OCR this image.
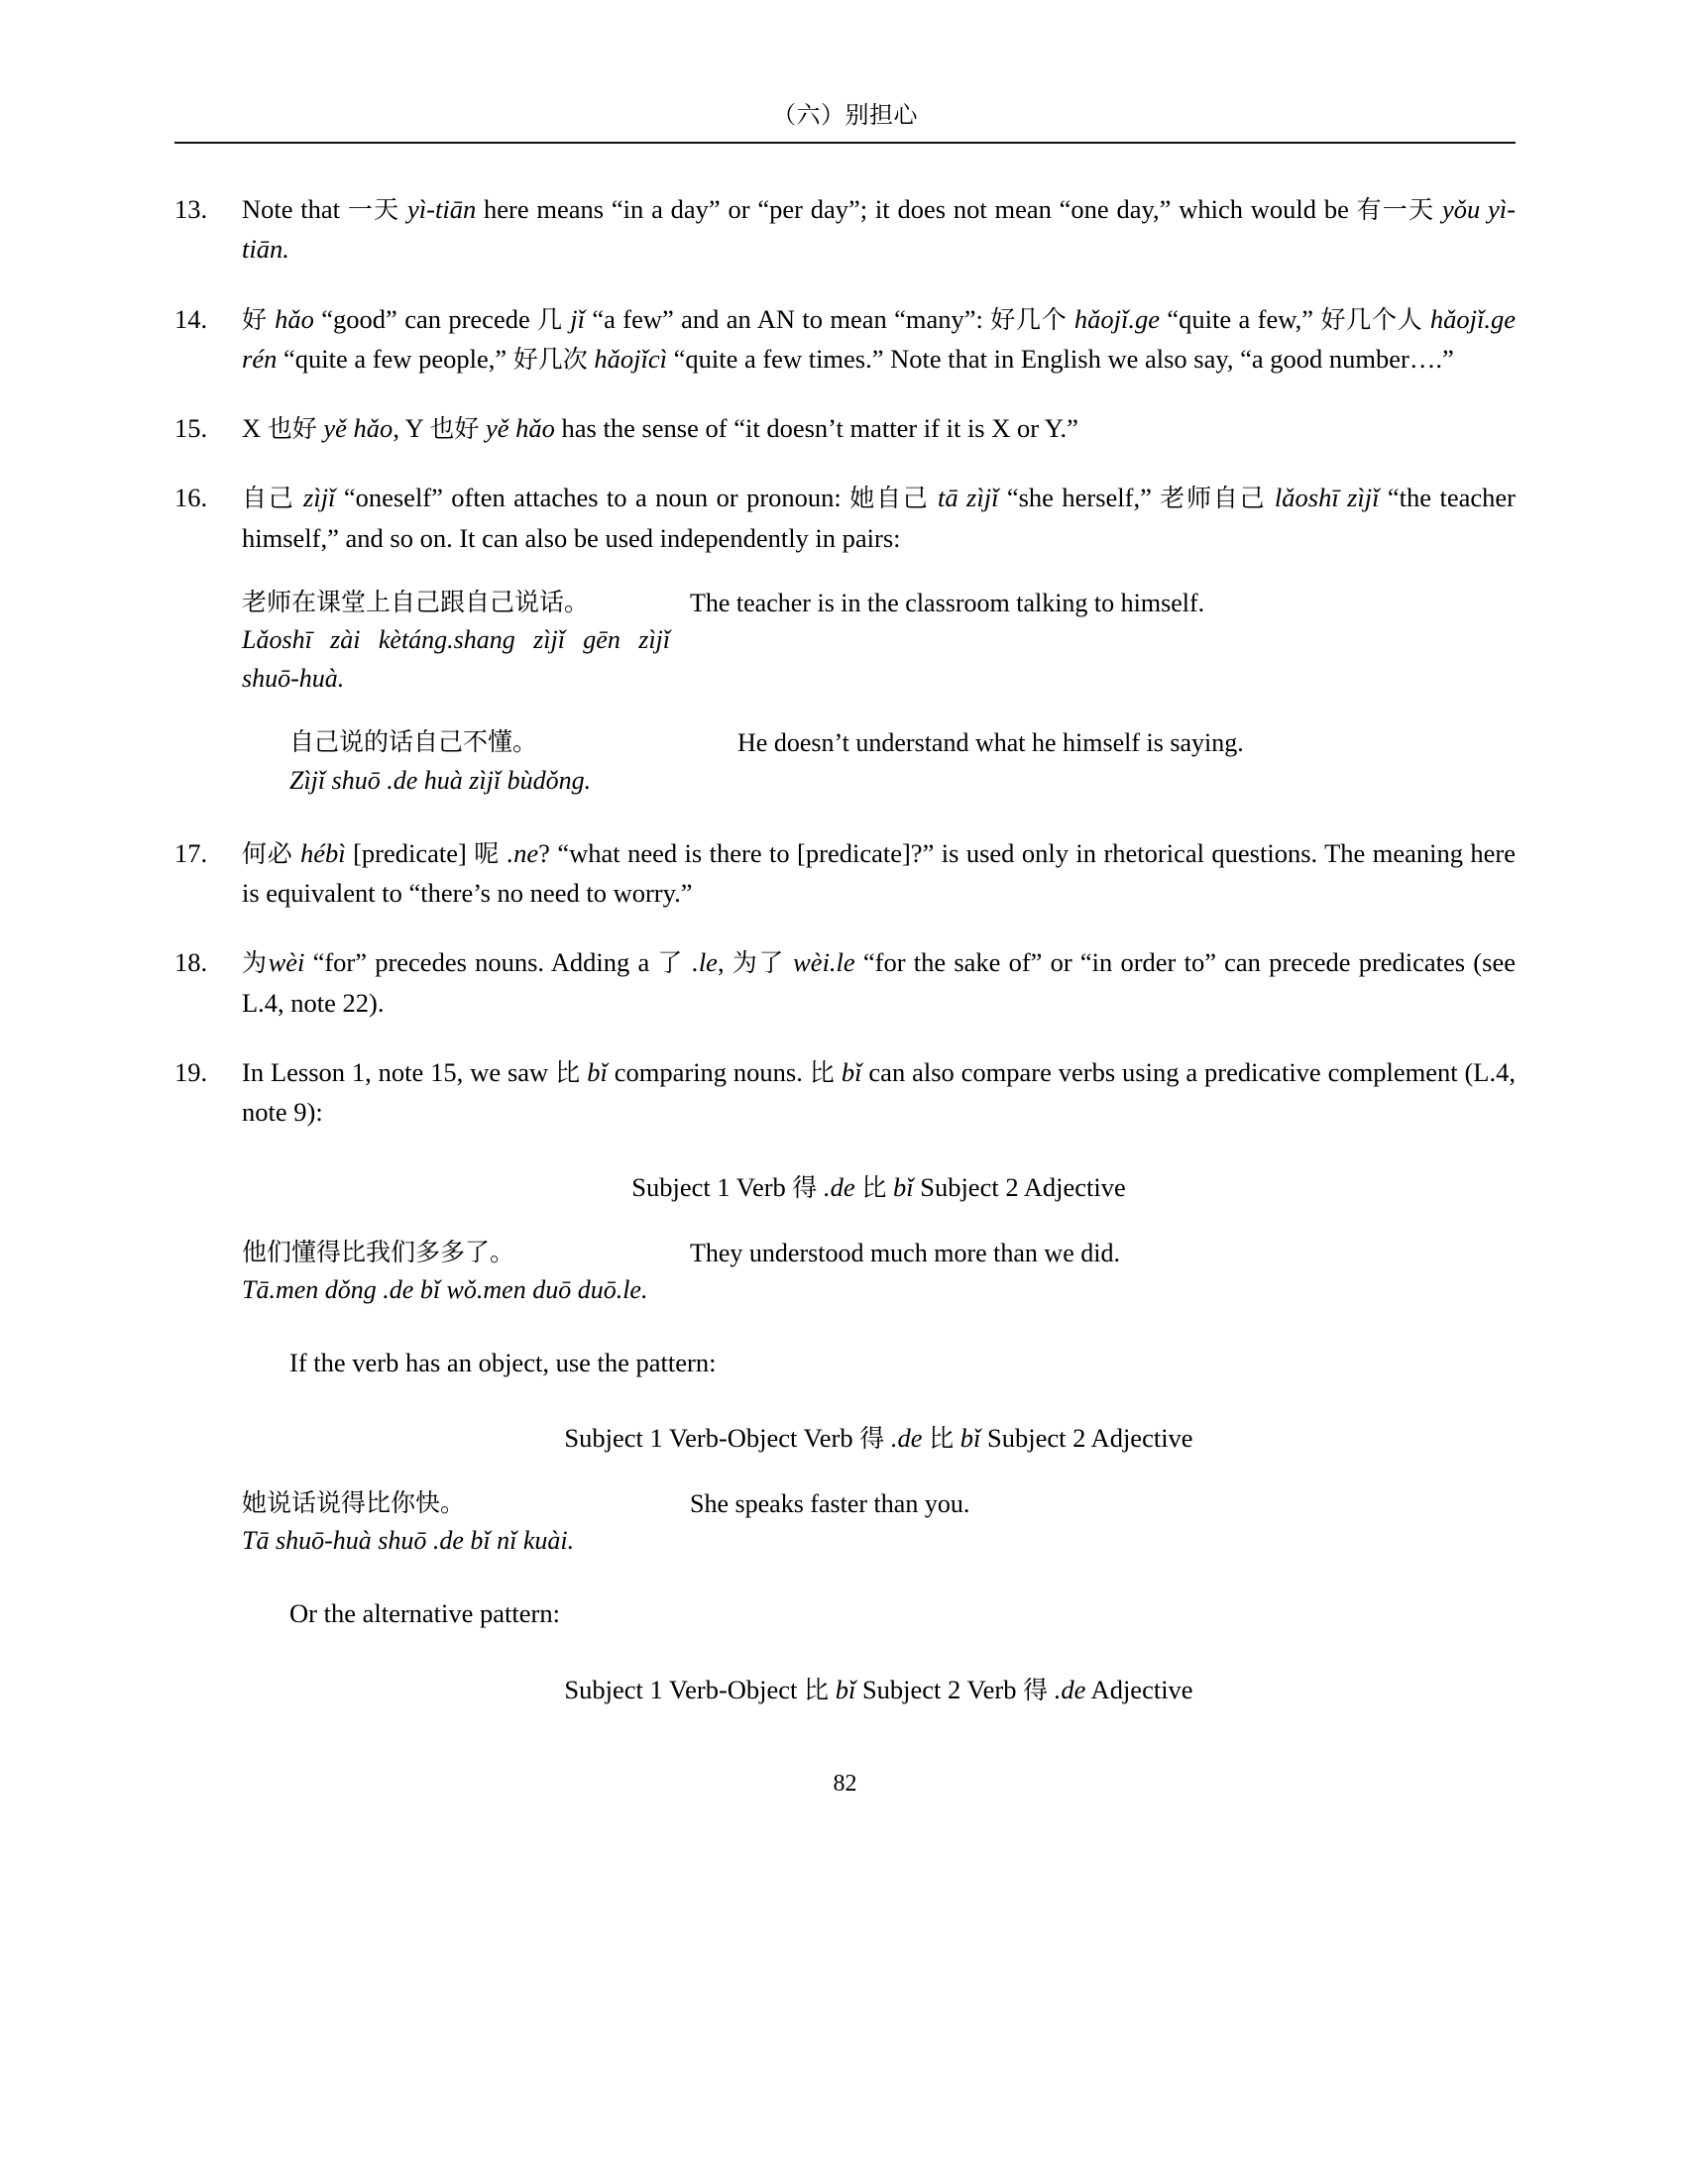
（六）别担心
13.	Note that 一天 yì-tiān here means “in a day” or “per day”; it does not mean “one day,” which would be 有一天 yǒu yì-tiān.
14.	好 hǎo “good” can precede 几 jǐ “a few” and an AN to mean “many”: 好几个 hǎojǐ.ge “quite a few,” 好几个人 hǎojǐ.ge rén “quite a few people,” 好几次 hǎojǐcì “quite a few times.” Note that in English we also say, “a good number….”
15.	X 也好 yě hǎo, Y 也好 yě hǎo has the sense of “it doesn’t matter if it is X or Y.”
16.	自己 zìjǐ “oneself” often attaches to a noun or pronoun: 她自己 tā zìjǐ “she herself,” 老师自己 lǎoshī zìjǐ “the teacher himself,” and so on. It can also be used independently in pairs:
老师在课堂上自己跟自己说话。
Lǎoshī zài kètáng.shang zìjǐ gēn zìjǐ shuō-huà.
The teacher is in the classroom talking to himself.
自己说的话自己不懂。
Zìjǐ shuō .de huà zìjǐ bùdǒng.
He doesn’t understand what he himself is saying.
17.	何必 hébì [predicate] 呢 .ne? “what need is there to [predicate]?” is used only in rhetorical questions. The meaning here is equivalent to “there’s no need to worry.”
18.	为wèi “for” precedes nouns. Adding a 了 .le, 为了 wèi.le “for the sake of” or “in order to” can precede predicates (see L.4, note 22).
19.	In Lesson 1, note 15, we saw 比 bǐ comparing nouns. 比 bǐ can also compare verbs using a predicative complement (L.4, note 9):
Subject 1 Verb 得 .de 比 bǐ Subject 2 Adjective
他们懂得比我们多多了。
Tā.men dǒng .de bǐ wǒ.men duō duō.le.
They understood much more than we did.
If the verb has an object, use the pattern:
Subject 1 Verb-Object Verb 得 .de 比 bǐ Subject 2 Adjective
她说话说得比你快。
Tā shuō-huà shuō .de bǐ nǐ kuài.
She speaks faster than you.
Or the alternative pattern:
Subject 1 Verb-Object 比 bǐ Subject 2 Verb 得 .de Adjective
82
